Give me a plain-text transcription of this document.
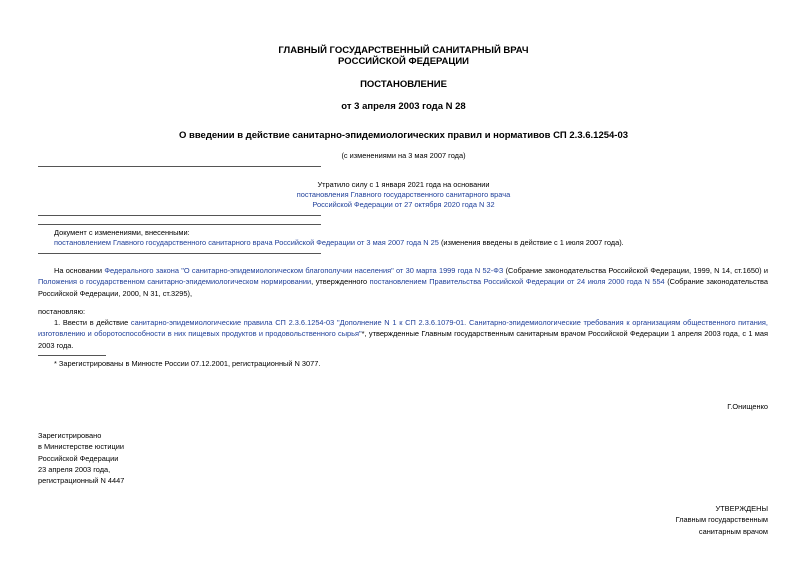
ГЛАВНЫЙ ГОСУДАРСТВЕННЫЙ САНИТАРНЫЙ ВРАЧ
РОССИЙСКОЙ ФЕДЕРАЦИИ
ПОСТАНОВЛЕНИЕ
от 3 апреля 2003 года N 28
О введении в действие санитарно-эпидемиологических правил и нормативов СП 2.3.6.1254-03
(с изменениями на 3 мая 2007 года)
Утратило силу с 1 января 2021 года на основании
постановления Главного государственного санитарного врача
Российской Федерации от 27 октября 2020 года N 32
Документ с изменениями, внесенными:
постановлением Главного государственного санитарного врача Российской Федерации от 3 мая 2007 года N 25 (изменения введены в действие с 1 июля 2007 года).
На основании Федерального закона "О санитарно-эпидемиологическом благополучии населения" от 30 марта 1999 года N 52-ФЗ (Собрание законодательства Российской Федерации, 1999, N 14, ст.1650) и Положения о государственном санитарно-эпидемиологическом нормировании, утвержденного постановлением Правительства Российской Федерации от 24 июля 2000 года N 554 (Собрание законодательства Российской Федерации, 2000, N 31, ст.3295),
постановляю:
1. Ввести в действие санитарно-эпидемиологические правила СП 2.3.6.1254-03 "Дополнение N 1 к СП 2.3.6.1079-01. Санитарно-эпидемиологические требования к организациям общественного питания, изготовлению и оборотоспособности в них пищевых продуктов и продовольственного сырья"*, утвержденные Главным государственным санитарным врачом Российской Федерации 1 апреля 2003 года, с 1 мая 2003 года.
* Зарегистрированы в Минюсте России 07.12.2001, регистрационный N 3077.
Г.Онищенко
Зарегистрировано
в Министерстве юстиции
Российской Федерации
23 апреля 2003 года,
регистрационный N 4447
УТВЕРЖДЕНЫ
Главным государственным
санитарным врачом
